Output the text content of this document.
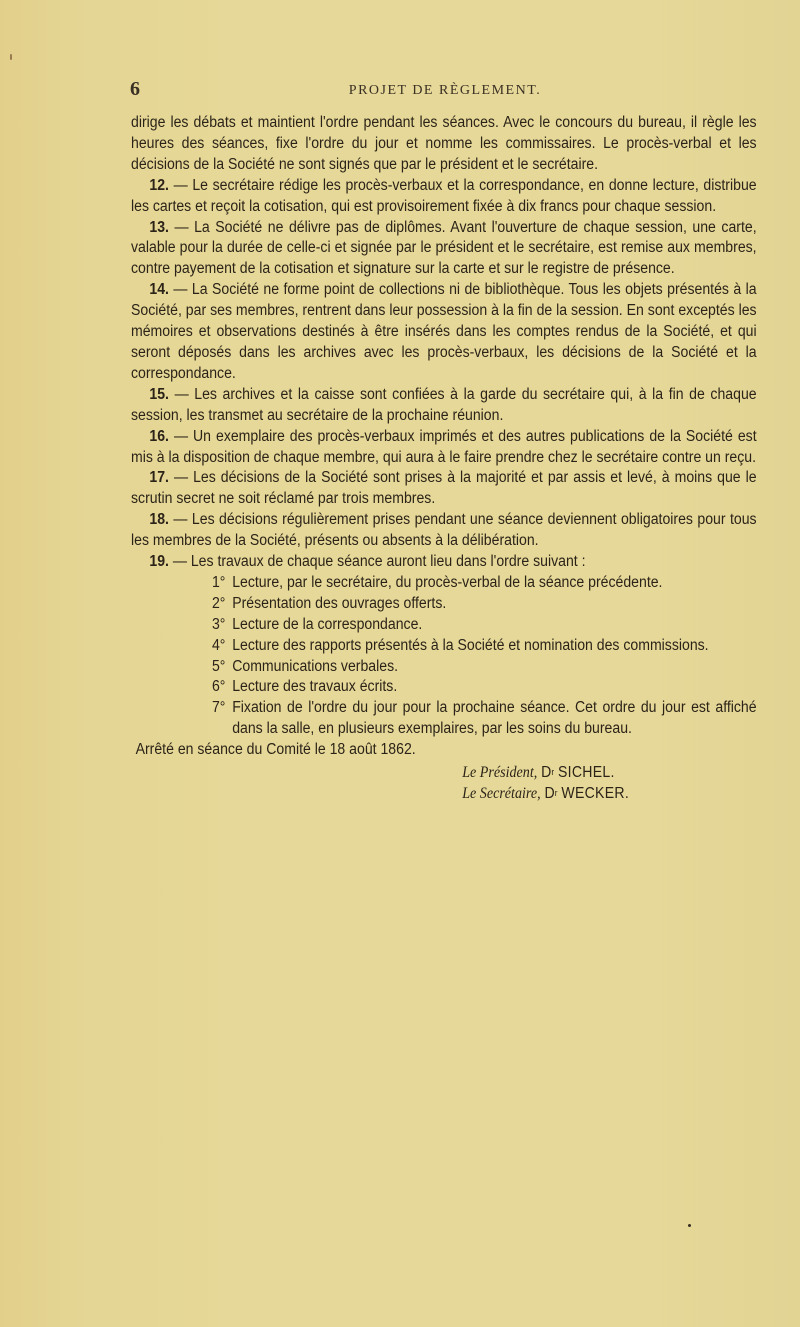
6	PROJET DE RÈGLEMENT.

dirige les débats et maintient l'ordre pendant les séances. Avec le concours du bureau, il règle les heures des séances, fixe l'ordre du jour et nomme les commissaires. Le procès-verbal et les décisions de la Société ne sont signés que par le président et le secrétaire.

12. — Le secrétaire rédige les procès-verbaux et la correspondance, en donne lecture, distribue les cartes et reçoit la cotisation, qui est provisoirement fixée à dix francs pour chaque session.

13. — La Société ne délivre pas de diplômes. Avant l'ouverture de chaque session, une carte, valable pour la durée de celle-ci et signée par le président et le secrétaire, est remise aux membres, contre payement de la cotisation et signature sur la carte et sur le registre de présence.

14. — La Société ne forme point de collections ni de bibliothèque. Tous les objets présentés à la Société, par ses membres, rentrent dans leur possession à la fin de la session. En sont exceptés les mémoires et observations destinés à être insérés dans les comptes rendus de la Société, et qui seront déposés dans les archives avec les procès-verbaux, les décisions de la Société et la correspondance.

15. — Les archives et la caisse sont confiées à la garde du secrétaire qui, à la fin de chaque session, les transmet au secrétaire de la prochaine réunion.

16. — Un exemplaire des procès-verbaux imprimés et des autres publications de la Société est mis à la disposition de chaque membre, qui aura à le faire prendre chez le secrétaire contre un reçu.

17. — Les décisions de la Société sont prises à la majorité et par assis et levé, à moins que le scrutin secret ne soit réclamé par trois membres.

18. — Les décisions régulièrement prises pendant une séance deviennent obligatoires pour tous les membres de la Société, présents ou absents à la délibération.

19. — Les travaux de chaque séance auront lieu dans l'ordre suivant :

1° Lecture, par le secrétaire, du procès-verbal de la séance précédente.
2° Présentation des ouvrages offerts.
3° Lecture de la correspondance.
4° Lecture des rapports présentés à la Société et nomination des commissions.
5° Communications verbales.
6° Lecture des travaux écrits.
7° Fixation de l'ordre du jour pour la prochaine séance. Cet ordre du jour est affiché dans la salle, en plusieurs exemplaires, par les soins du bureau.

Arrêté en séance du Comité le 18 août 1862.

Le Président, $D^r$ SICHEL.

Le Secrétaire, $D^r$ WECKER.
